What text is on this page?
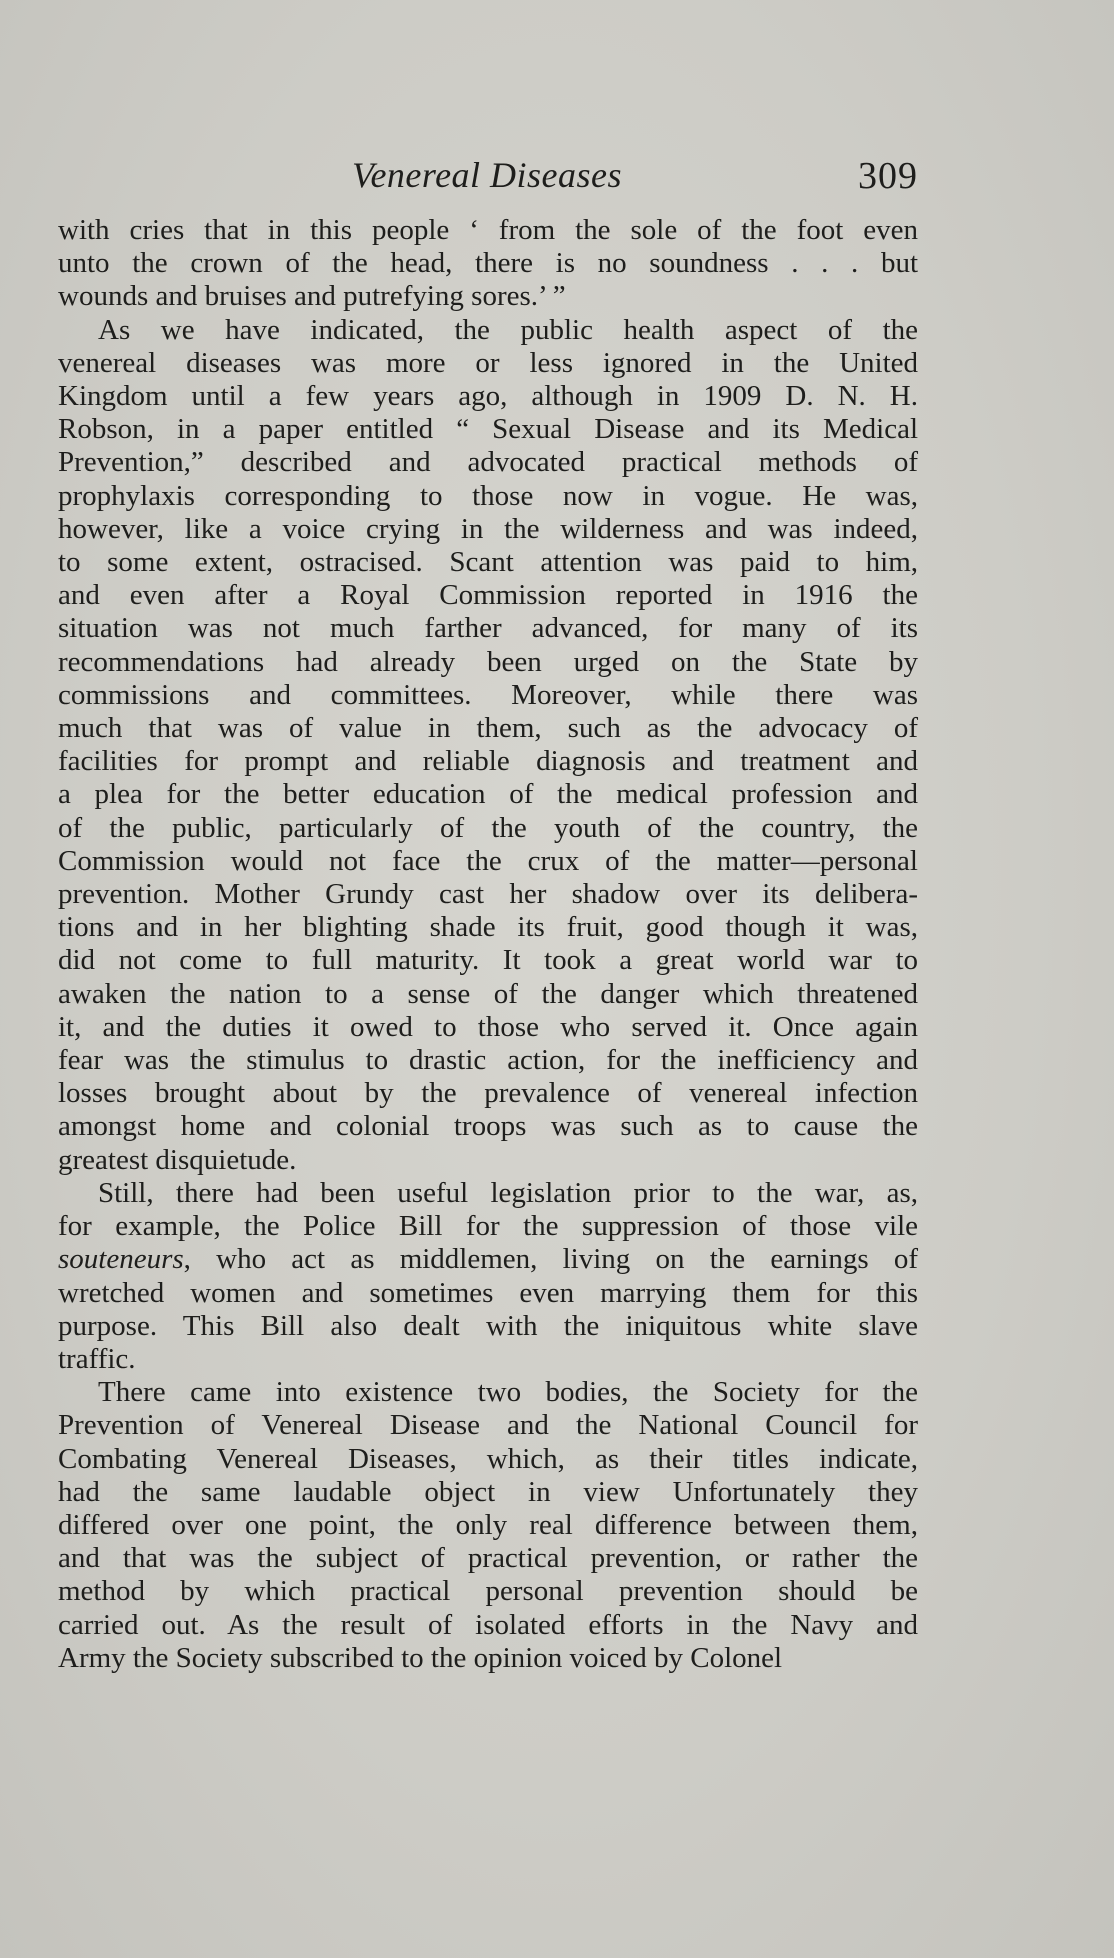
Venereal Diseases	309

with cries that in this people ‘ from the sole of the foot even
unto the crown of the head, there is no soundness . . . but
wounds and bruises and putrefying sores.’ ”

As we have indicated, the public health aspect of the
venereal diseases was more or less ignored in the United
Kingdom until a few years ago, although in 1909 D. N. H.
Robson, in a paper entitled “ Sexual Disease and its Medical
Prevention,” described and advocated practical methods of
prophylaxis corresponding to those now in vogue. He was,
however, like a voice crying in the wilderness and was indeed,
to some extent, ostracised. Scant attention was paid to him,
and even after a Royal Commission reported in 1916 the
situation was not much farther advanced, for many of its
recommendations had already been urged on the State by
commissions and committees. Moreover, while there was
much that was of value in them, such as the advocacy of
facilities for prompt and reliable diagnosis and treatment and
a plea for the better education of the medical profession and
of the public, particularly of the youth of the country, the
Commission would not face the crux of the matter—personal
prevention. Mother Grundy cast her shadow over its delibera-
tions and in her blighting shade its fruit, good though it was,
did not come to full maturity. It took a great world war to
awaken the nation to a sense of the danger which threatened
it, and the duties it owed to those who served it. Once again
fear was the stimulus to drastic action, for the inefficiency and
losses brought about by the prevalence of venereal infection
amongst home and colonial troops was such as to cause the
greatest disquietude.

Still, there had been useful legislation prior to the war, as,
for example, the Police Bill for the suppression of those vile
souteneurs, who act as middlemen, living on the earnings of
wretched women and sometimes even marrying them for this
purpose. This Bill also dealt with the iniquitous white slave
traffic.

There came into existence two bodies, the Society for the
Prevention of Venereal Disease and the National Council for
Combating Venereal Diseases, which, as their titles indicate,
had the same laudable object in view Unfortunately they
differed over one point, the only real difference between them,
and that was the subject of practical prevention, or rather the
method by which practical personal prevention should be
carried out. As the result of isolated efforts in the Navy and
Army the Society subscribed to the opinion voiced by Colonel
